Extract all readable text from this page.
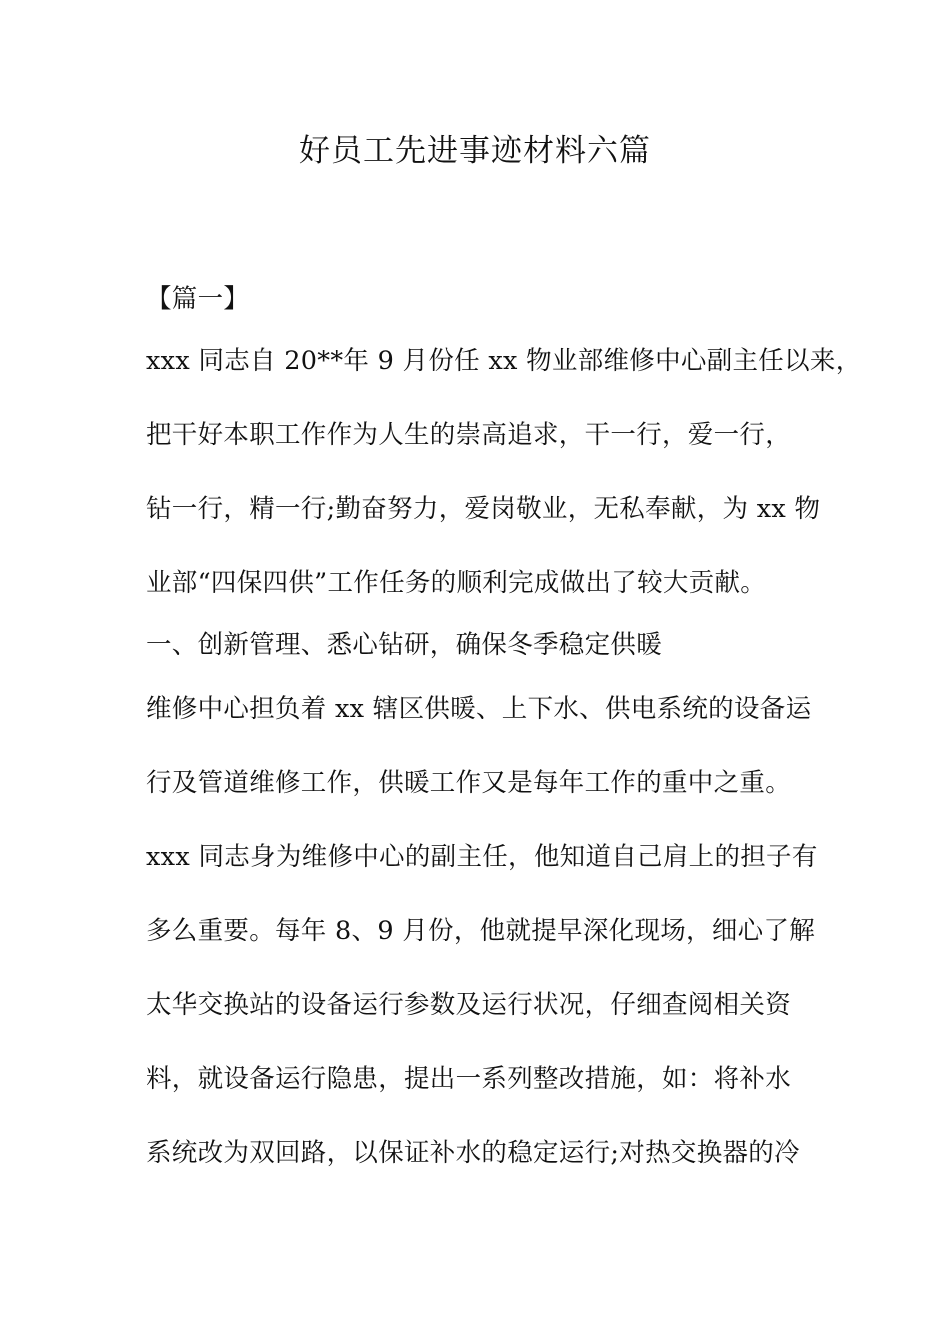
好员工先进事迹材料六篇
【篇一】
xxx 同志自 20**年 9 月份任 xx 物业部维修中心副主任以来，
把干好本职工作作为人生的崇高追求，干一行，爱一行，
钻一行，精一行;勤奋努力，爱岗敬业，无私奉献，为 xx 物
业部“四保四供”工作任务的顺利完成做出了较大贡献。
一、创新管理、悉心钻研，确保冬季稳定供暖
维修中心担负着 xx 辖区供暖、上下水、供电系统的设备运
行及管道维修工作，供暖工作又是每年工作的重中之重。
xxx 同志身为维修中心的副主任，他知道自己肩上的担子有
多么重要。每年 8、9 月份，他就提早深化现场，细心了解
太华交换站的设备运行参数及运行状况，仔细查阅相关资
料，就设备运行隐患，提出一系列整改措施，如：将补水
系统改为双回路，以保证补水的稳定运行;对热交换器的冷
